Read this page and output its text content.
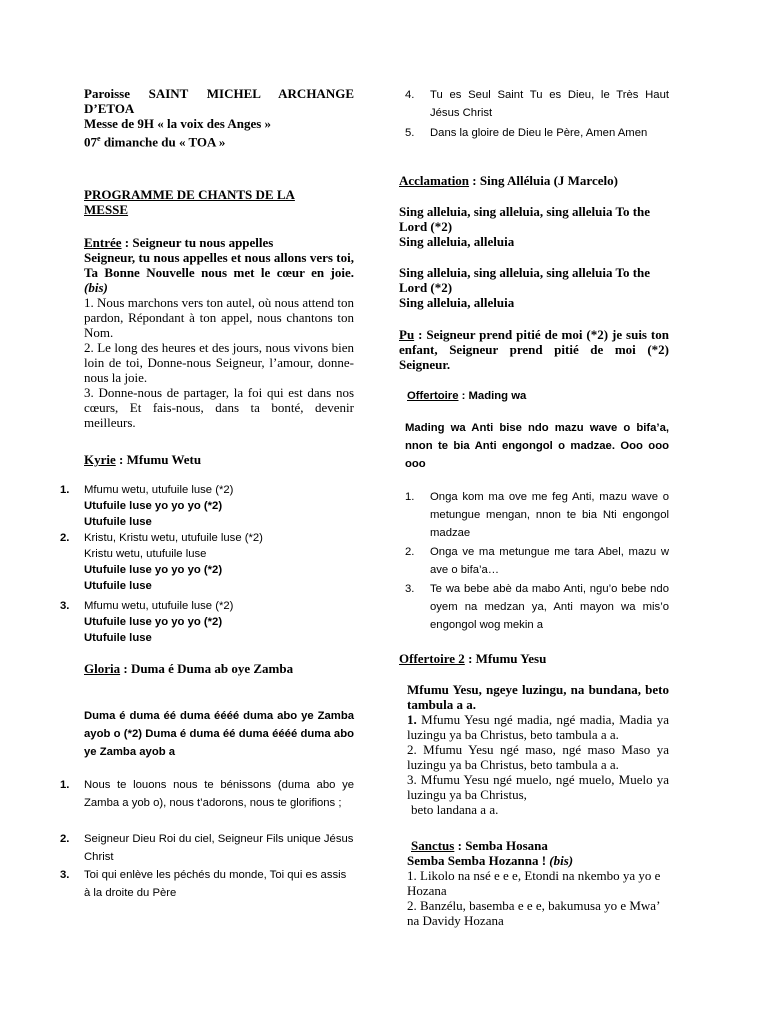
Paroisse SAINT MICHEL ARCHANGE D’ETOA

Messe de 9H « la voix des Anges »

07e dimanche du « TOA »

PROGRAMME DE CHANTS DE LA MESSE

Entrée : Seigneur tu nous appelles

Seigneur, tu nous appelles et nous allons vers toi, Ta Bonne Nouvelle nous met le cœur en joie. (bis)

1. Nous marchons vers ton autel, où nous attend ton pardon, Répondant à ton appel, nous chantons ton Nom.

2. Le long des heures et des jours, nous vivons bien loin de toi, Donne-nous Seigneur, l’amour, donne-nous la joie.

3. Donne-nous de partager, la foi qui est dans nos cœurs, Et fais-nous, dans ta bonté, devenir meilleurs.

Kyrie : Mfumu Wetu

1.	Mfumu wetu, utufuile luse (*2)
Utufuile luse yo yo yo (*2)
Utufuile luse
2.	Kristu, Kristu wetu, utufuile luse (*2)
Kristu wetu, utufuile luse
Utufuile luse yo yo yo (*2)
Utufuile luse
3.	Mfumu wetu, utufuile luse (*2)
Utufuile luse yo yo yo (*2)
Utufuile luse

Gloria : Duma é Duma ab oye Zamba

Duma é duma éé duma éééé duma abo ye Zamba ayob o (*2) Duma é duma éé duma éééé duma abo ye Zamba ayob a

1.	Nous te louons nous te bénissons (duma abo ye Zamba a yob o), nous t’adorons, nous te glorifions ;
2.	Seigneur Dieu Roi du ciel, Seigneur Fils unique Jésus Christ
3.	Toi qui enlève les péchés du monde, Toi qui es assis à la droite du Père
4.	Tu es Seul Saint Tu es Dieu, le Très Haut Jésus Christ
5.	Dans la gloire de Dieu le Père, Amen Amen

Acclamation : Sing Alléluia (J Marcelo)

Sing alleluia, sing alleluia, sing alleluia To the Lord (*2)

Sing alleluia, alleluia

Sing alleluia, sing alleluia, sing alleluia To the Lord (*2)

Sing alleluia, alleluia

Pu : Seigneur prend pitié de moi (*2) je suis ton enfant, Seigneur prend pitié de moi (*2) Seigneur.

Offertoire : Mading wa

Mading wa Anti bise ndo mazu wave o bifa’a, nnon te bia Anti engongol o madzae. Ooo ooo ooo

1.	Onga kom ma ove me feg Anti, mazu wave o metungue mengan, nnon te bia Nti engongol madzae
2.	Onga ve ma metungue me tara Abel, mazu w ave o bifa’a…
3.	Te wa bebe abè da mabo Anti, ngu’o bebe ndo oyem na medzan ya, Anti mayon wa mis’o engongol wog mekin a

Offertoire 2 : Mfumu Yesu

Mfumu Yesu, ngeye luzingu, na bundana, beto tambula a a.

1. Mfumu Yesu ngé madia, ngé madia, Madia ya luzingu ya ba Christus, beto tambula a a.

2. Mfumu Yesu ngé maso, ngé maso Maso ya luzingu ya ba Christus, beto tambula a a.

3. Mfumu Yesu ngé muelo, ngé muelo, Muelo ya luzingu ya ba Christus,

beto landana a a.

Sanctus : Semba Hosana

Semba Semba Hozanna ! (bis)

1. Likolo na nsé e e e, Etondi na nkembo ya yo e Hozana

2. Banzélu, basemba e e e, bakumusa yo e Mwa’ na Davidy Hozana
